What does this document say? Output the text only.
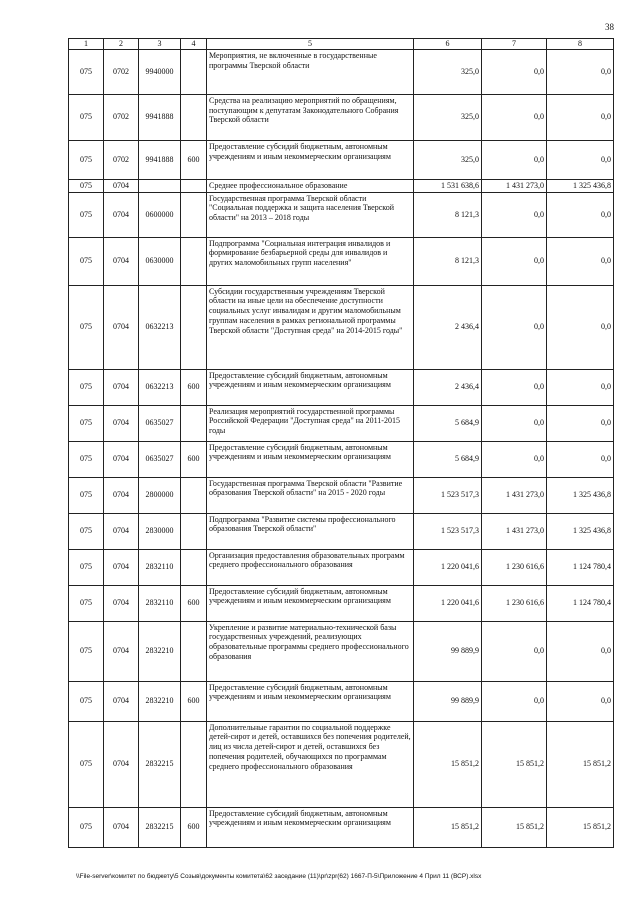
38
1	2	3	4	5	6	7	8
075	0702	9940000		Мероприятия, не включенные в государственные программы Тверской области	325,0	0,0	0,0
075	0702	9941888		Средства на реализацию мероприятий по обращениям, поступающим к депутатам Законодательного Собрания Тверской области	325,0	0,0	0,0
075	0702	9941888	600	Предоставление субсидий бюджетным, автономным учреждениям и иным некоммерческим организациям	325,0	0,0	0,0
075	0704			Среднее профессиональное образование	1 531 638,6	1 431 273,0	1 325 436,8
075	0704	0600000		Государственная программа Тверской области "Социальная поддержка и защита населения Тверской области" на 2013 – 2018 годы	8 121,3	0,0	0,0
075	0704	0630000		Подпрограмма "Социальная интеграция инвалидов и формирование безбарьерной среды для инвалидов и других маломобильных групп населения"	8 121,3	0,0	0,0
075	0704	0632213		Субсидии государственным учреждениям Тверской области на иные цели на обеспечение доступности социальных услуг инвалидам и другим маломобильным группам населения в рамках региональной программы Тверской области "Доступная среда" на 2014-2015 годы"	2 436,4	0,0	0,0
075	0704	0632213	600	Предоставление субсидий бюджетным, автономным учреждениям и иным некоммерческим организациям	2 436,4	0,0	0,0
075	0704	0635027		Реализация мероприятий государственной программы Российской Федерации "Доступная среда" на 2011-2015 годы	5 684,9	0,0	0,0
075	0704	0635027	600	Предоставление субсидий бюджетным, автономным учреждениям и иным некоммерческим организациям	5 684,9	0,0	0,0
075	0704	2800000		Государственная программа Тверской области "Развитие образования Тверской области" на 2015 - 2020 годы	1 523 517,3	1 431 273,0	1 325 436,8
075	0704	2830000		Подпрограмма "Развитие системы профессионального образования Тверской области"	1 523 517,3	1 431 273,0	1 325 436,8
075	0704	2832110		Организация предоставления образовательных программ среднего профессионального образования	1 220 041,6	1 230 616,6	1 124 780,4
075	0704	2832110	600	Предоставление субсидий бюджетным, автономным учреждениям и иным некоммерческим организациям	1 220 041,6	1 230 616,6	1 124 780,4
075	0704	2832210		Укрепление и развитие материально-технической базы государственных учреждений, реализующих образовательные программы среднего профессионального образования	99 889,9	0,0	0,0
075	0704	2832210	600	Предоставление субсидий бюджетным, автономным учреждениям и иным некоммерческим организациям	99 889,9	0,0	0,0
075	0704	2832215		Дополнительные гарантии по социальной поддержке детей-сирот и детей, оставшихся без попечения родителей, лиц из числа детей-сирот и детей, оставшихся без попечения родителей, обучающихся по программам среднего профессионального образования	15 851,2	15 851,2	15 851,2
075	0704	2832215	600	Предоставление субсидий бюджетным, автономным учреждениям и иным некоммерческим организациям	15 851,2	15 851,2	15 851,2
\\File-server\комитет по бюджету\5 Созыв\документы комитета\62 заседание (11)\pr\zpr(62) 1667-П-5\Приложение 4 Прил 11 (ВСР).xlsx
